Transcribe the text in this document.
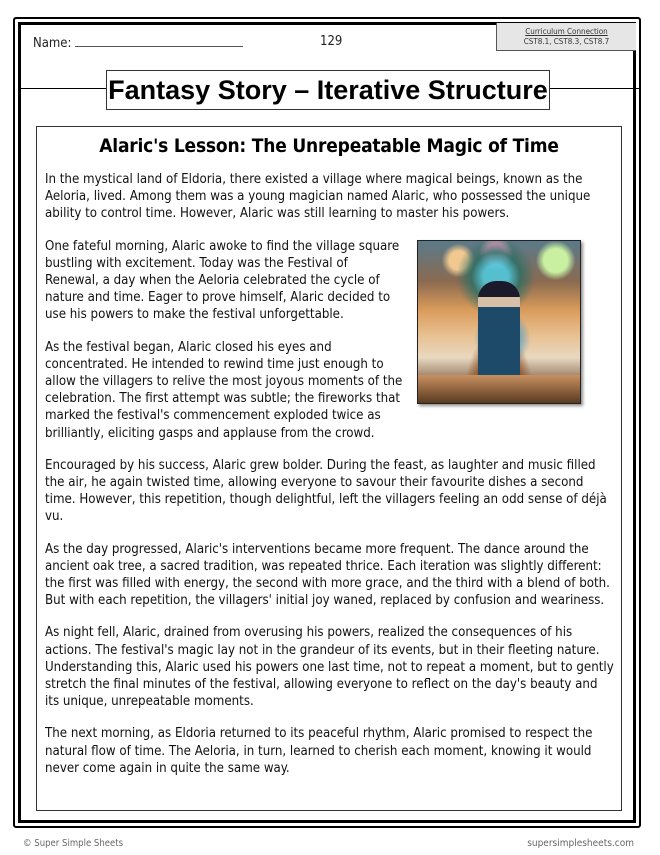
Name:	129
Curriculum Connection
CST8.1, CST8.3, CST8.7
Fantasy Story – Iterative Structure
Alaric's Lesson: The Unrepeatable Magic of Time

In the mystical land of Eldoria, there existed a village where magical beings, known as the Aeloria, lived. Among them was a young magician named Alaric, who possessed the unique ability to control time. However, Alaric was still learning to master his powers.

One fateful morning, Alaric awoke to find the village square bustling with excitement. Today was the Festival of Renewal, a day when the Aeloria celebrated the cycle of nature and time. Eager to prove himself, Alaric decided to use his powers to make the festival unforgettable.

As the festival began, Alaric closed his eyes and concentrated. He intended to rewind time just enough to allow the villagers to relive the most joyous moments of the celebration. The first attempt was subtle; the fireworks that marked the festival's commencement exploded twice as brilliantly, eliciting gasps and applause from the crowd.

Encouraged by his success, Alaric grew bolder. During the feast, as laughter and music filled the air, he again twisted time, allowing everyone to savour their favourite dishes a second time. However, this repetition, though delightful, left the villagers feeling an odd sense of déjà vu.

As the day progressed, Alaric's interventions became more frequent. The dance around the ancient oak tree, a sacred tradition, was repeated thrice. Each iteration was slightly different: the first was filled with energy, the second with more grace, and the third with a blend of both. But with each repetition, the villagers' initial joy waned, replaced by confusion and weariness.

As night fell, Alaric, drained from overusing his powers, realized the consequences of his actions. The festival's magic lay not in the grandeur of its events, but in their fleeting nature. Understanding this, Alaric used his powers one last time, not to repeat a moment, but to gently stretch the final minutes of the festival, allowing everyone to reflect on the day's beauty and its unique, unrepeatable moments.

The next morning, as Eldoria returned to its peaceful rhythm, Alaric promised to respect the natural flow of time. The Aeloria, in turn, learned to cherish each moment, knowing it would never come again in quite the same way.

© Super Simple Sheets	supersimplesheets.com
